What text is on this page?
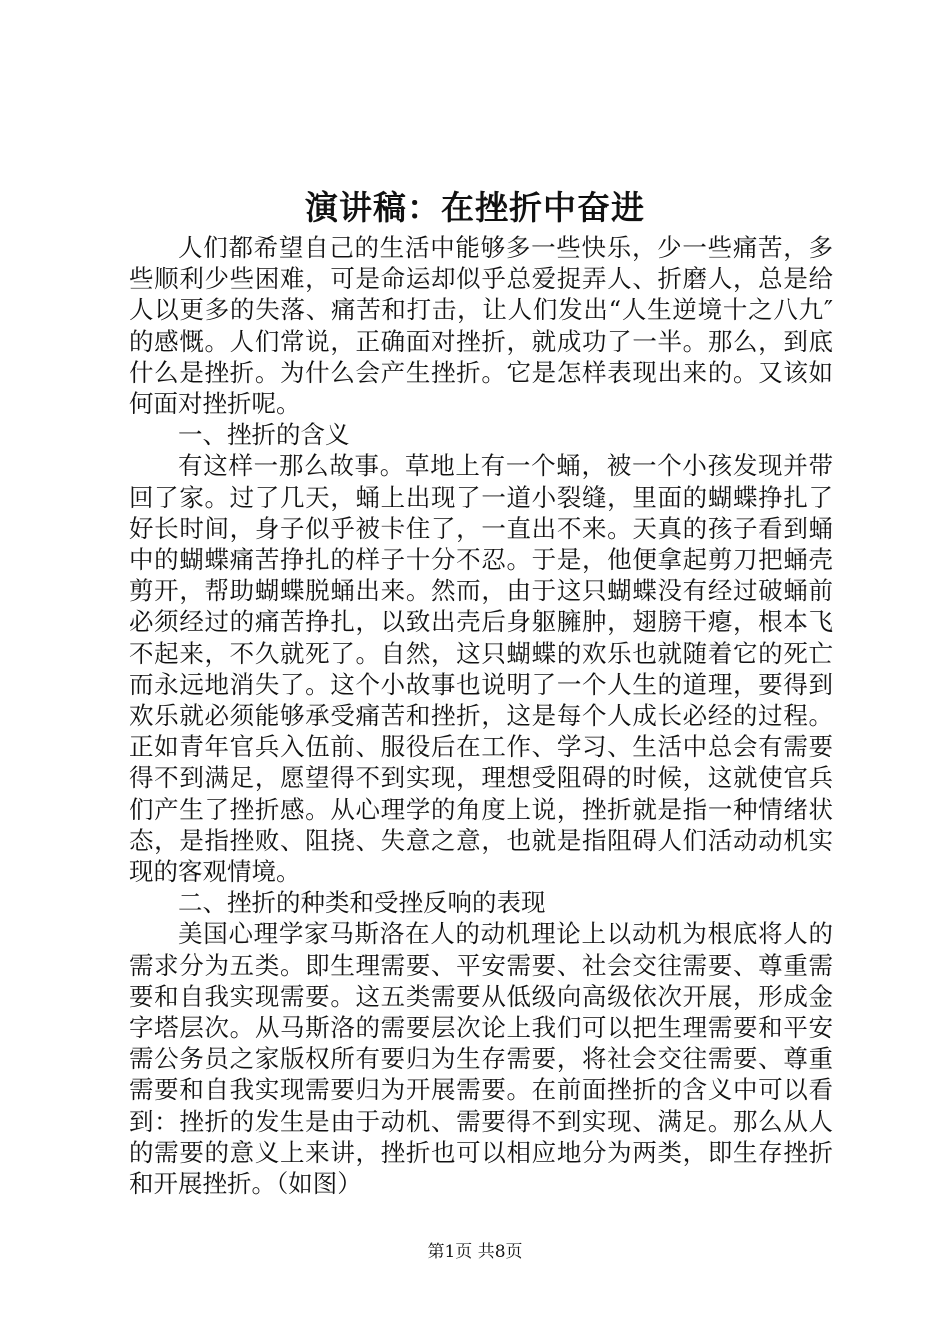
演讲稿：在挫折中奋进

人们都希望自己的生活中能够多一些快乐，少一些痛苦，多些顺利少些困难，可是命运却似乎总爱捉弄人、折磨人，总是给人以更多的失落、痛苦和打击，让人们发出“人生逆境十之八九″的感慨。人们常说，正确面对挫折，就成功了一半。那么，到底什么是挫折。为什么会产生挫折。它是怎样表现出来的。又该如何面对挫折呢。

一、挫折的含义

有这样一那么故事。草地上有一个蛹，被一个小孩发现并带回了家。过了几天，蛹上出现了一道小裂缝，里面的蝴蝶挣扎了好长时间，身子似乎被卡住了，一直出不来。天真的孩子看到蛹中的蝴蝶痛苦挣扎的样子十分不忍。于是，他便拿起剪刀把蛹壳剪开，帮助蝴蝶脱蛹出来。然而，由于这只蝴蝶没有经过破蛹前必须经过的痛苦挣扎，以致出壳后身躯臃肿，翅膀干瘪，根本飞不起来，不久就死了。自然，这只蝴蝶的欢乐也就随着它的死亡而永远地消失了。这个小故事也说明了一个人生的道理，要得到欢乐就必须能够承受痛苦和挫折，这是每个人成长必经的过程。正如青年官兵入伍前、服役后在工作、学习、生活中总会有需要得不到满足，愿望得不到实现，理想受阻碍的时候，这就使官兵们产生了挫折感。从心理学的角度上说，挫折就是指一种情绪状态，是指挫败、阻挠、失意之意，也就是指阻碍人们活动动机实现的客观情境。

二、挫折的种类和受挫反响的表现

美国心理学家马斯洛在人的动机理论上以动机为根底将人的需求分为五类。即生理需要、平安需要、社会交往需要、尊重需要和自我实现需要。这五类需要从低级向高级依次开展，形成金字塔层次。从马斯洛的需要层次论上我们可以把生理需要和平安需公务员之家版权所有要归为生存需要，将社会交往需要、尊重需要和自我实现需要归为开展需要。在前面挫折的含义中可以看到：挫折的发生是由于动机、需要得不到实现、满足。那么从人的需要的意义上来讲，挫折也可以相应地分为两类，即生存挫折和开展挫折。（如图）

第1页 共8页
